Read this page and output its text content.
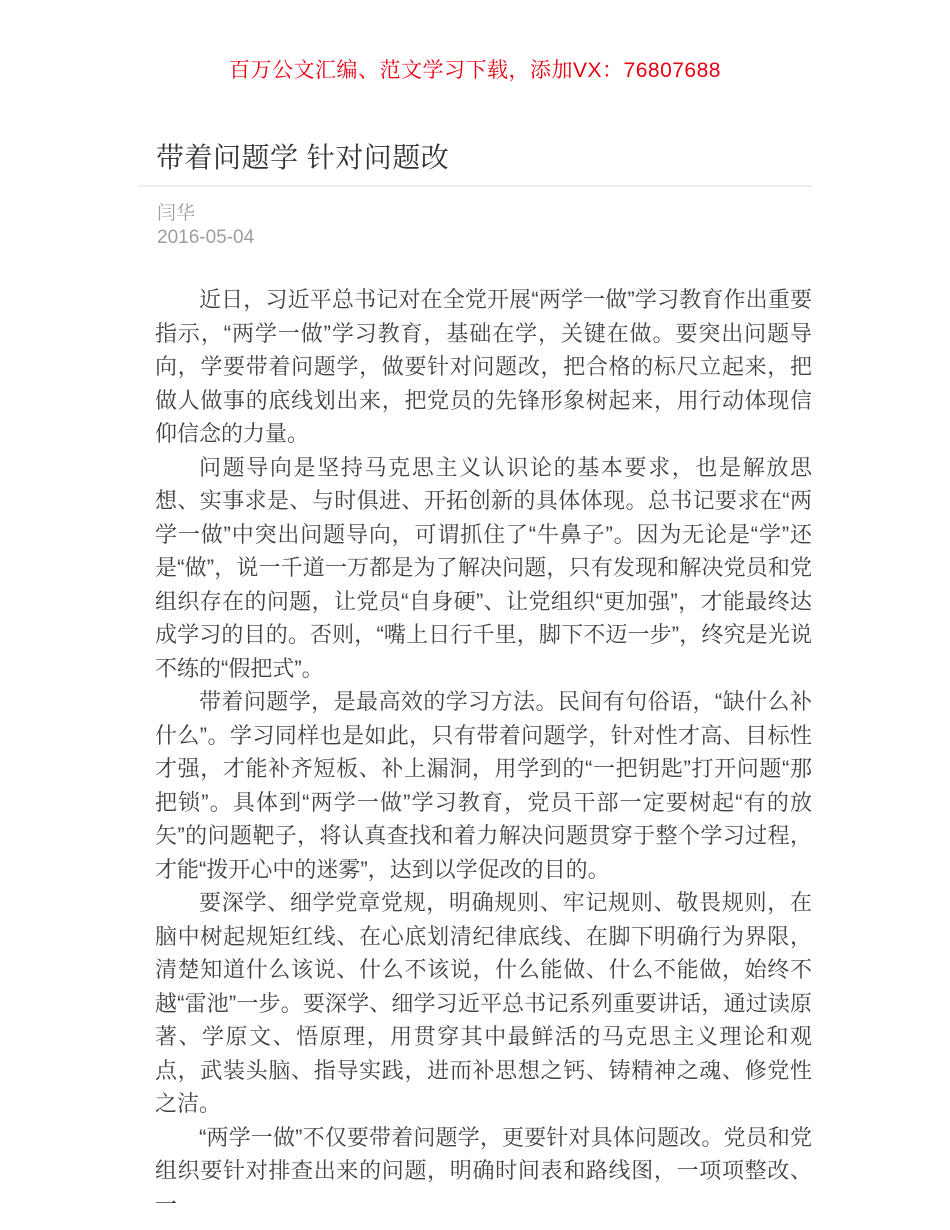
百万公文汇编、范文学习下载，添加VX：76807688
带着问题学 针对问题改
闫华
2016-05-04

近日，习近平总书记对在全党开展“两学一做”学习教育作出重要指示，“两学一做”学习教育，基础在学，关键在做。要突出问题导向，学要带着问题学，做要针对问题改，把合格的标尺立起来，把做人做事的底线划出来，把党员的先锋形象树起来，用行动体现信仰信念的力量。

问题导向是坚持马克思主义认识论的基本要求，也是解放思想、实事求是、与时俱进、开拓创新的具体体现。总书记要求在“两学一做”中突出问题导向，可谓抓住了“牛鼻子”。因为无论是“学”还是“做”，说一千道一万都是为了解决问题，只有发现和解决党员和党组织存在的问题，让党员“自身硬”、让党组织“更加强”，才能最终达成学习的目的。否则，“嘴上日行千里，脚下不迈一步”，终究是光说不练的“假把式”。

带着问题学，是最高效的学习方法。民间有句俗语，“缺什么补什么”。学习同样也是如此，只有带着问题学，针对性才高、目标性才强，才能补齐短板、补上漏洞，用学到的“一把钥匙”打开问题“那把锁”。具体到“两学一做”学习教育，党员干部一定要树起“有的放矢”的问题靶子，将认真查找和着力解决问题贯穿于整个学习过程，才能“拨开心中的迷雾”，达到以学促改的目的。

要深学、细学党章党规，明确规则、牢记规则、敬畏规则，在脑中树起规矩红线、在心底划清纪律底线、在脚下明确行为界限，清楚知道什么该说、什么不该说，什么能做、什么不能做，始终不越“雷池”一步。要深学、细学习近平总书记系列重要讲话，通过读原著、学原文、悟原理，用贯穿其中最鲜活的马克思主义理论和观点，武装头脑、指导实践，进而补思想之钙、铸精神之魂、修党性之洁。

“两学一做”不仅要带着问题学，更要针对具体问题改。党员和党组织要针对排查出来的问题，明确时间表和路线图，一项项整改、一
